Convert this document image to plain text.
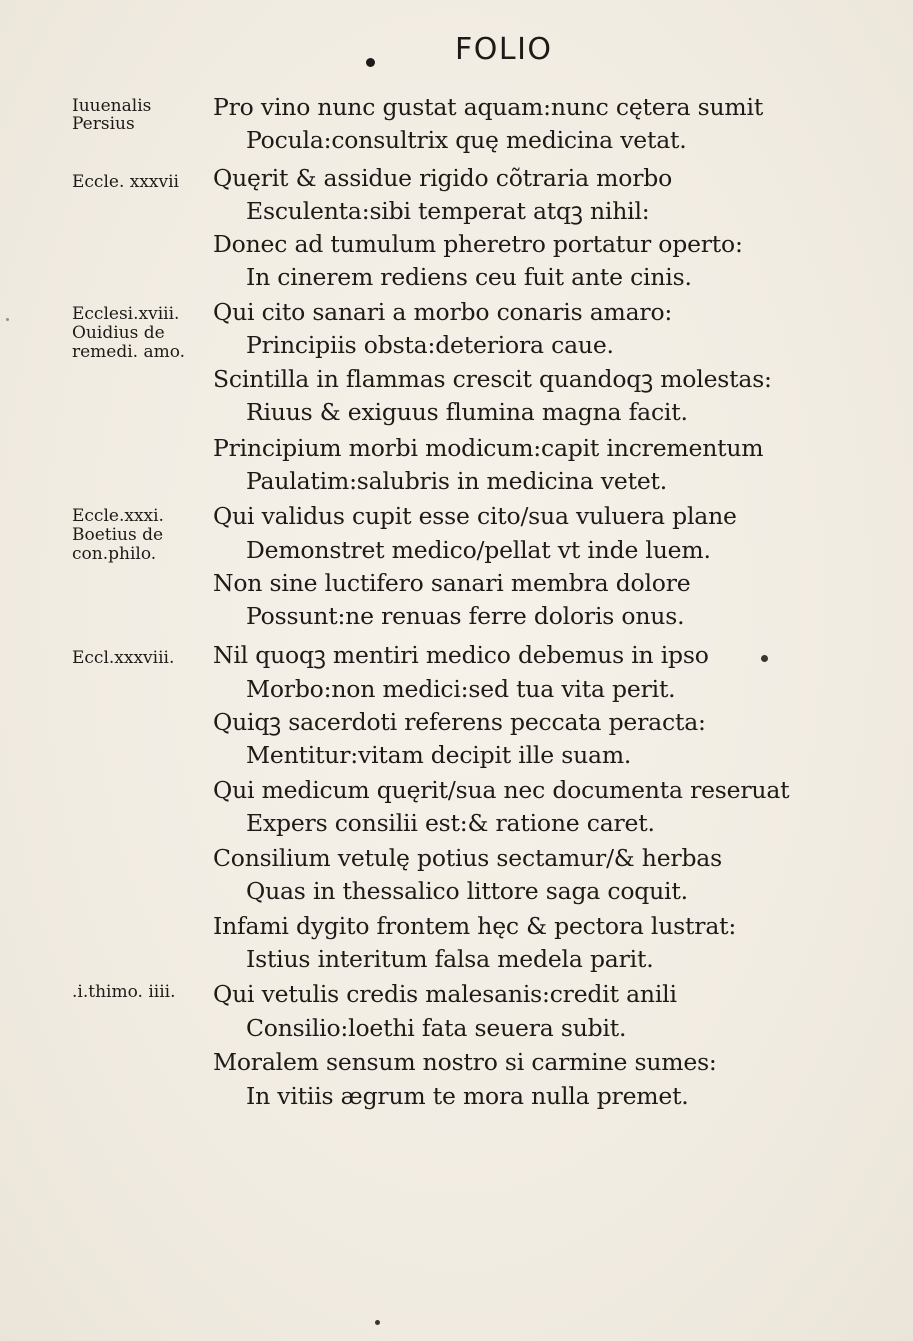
FOLIO
Iuuenalis
Persius
Eccle. xxxvii
Ecclesi.xviii.
Ouidius de
remedi. amo.
Eccle.xxxi.
Boetius de
con.philo.
Eccl.xxxviii.
.i.thimo. iiii.
Pro vino nunc gustat aquam:nunc cętera sumit
Pocula:consultrix quę medicina vetat.
Quęrit & assidue rigido cõtraria morbo
Esculenta:sibi temperat atqꝫ nihil:
Donec ad tumulum pheretro portatur operto:
In cinerem rediens ceu fuit ante cinis.
Qui cito sanari a morbo conaris amaro:
Principiis obsta:deteriora caue.
Scintilla in flammas crescit quandoqꝫ molestas:
Riuus & exiguus flumina magna facit.
Principium morbi modicum:capit incrementum
Paulatim:salubris in medicina vetet.
Qui validus cupit esse cito/sua vuluera plane
Demonstret medico/pellat vt inde luem.
Non sine luctifero sanari membra dolore
Possunt:ne renuas ferre doloris onus.
Nil quoqꝫ mentiri medico debemus in ipso
Morbo:non medici:sed tua vita perit.
Quiqꝫ sacerdoti referens peccata peracta:
Mentitur:vitam decipit ille suam.
Qui medicum quęrit/sua nec documenta reseruat
Expers consilii est:& ratione caret.
Consilium vetulę potius sectamur/& herbas
Quas in thessalico littore saga coquit.
Infami dygito frontem hęc & pectora lustrat:
Istius interitum falsa medela parit.
Qui vetulis credis malesanis:credit anili
Consilio:loethi fata seuera subit.
Moralem sensum nostro si carmine sumes:
In vitiis ægrum te mora nulla premet.
